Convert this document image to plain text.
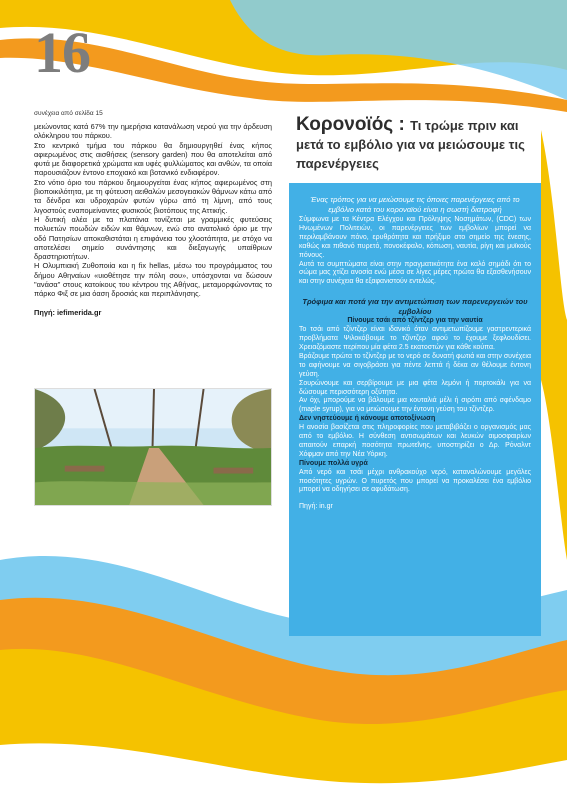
16
συνέχεια από σελίδα 15

μειώνοντας κατά 67% την ημερήσια κατανάλωση νερού για την άρδευση ολόκληρου του πάρκου.

Στο κεντρικό τμήμα του πάρκου θα δημιουργηθεί ένας κήπος αφιερωμένος στις αισθήσεις (sensory garden) που θα αποτελείται από φυτά με διαφορετικά χρώματα και υφές φυλλώματος και ανθών, τα οποία παρουσιάζουν έντονο εποχιακό και βοτανικό ενδιαφέρον.

Στο νότιο όριο του πάρκου δημιουργείται ένας κήπος αφιερωμένος στη βιοποικιλότητα, με τη φύτευση αειθαλών μεσογειακών θάμνων κάτω από τα δένδρα και υδροχαρών φυτών γύρω από τη λίμνη, από τους λιγοστούς εναπομείναντες φυσικούς βιοτόπους της Αττικής.

Η δυτική αλέα με τα πλατάνια τονίζεται με γραμμικές φυτεύσεις πολυετών ποωδών ειδών και θάμνων, ενώ στο ανατολικό όριο με την οδό Πατησίων αποκαθιστάται η επιφάνεια του χλοοτάπητα, με στόχο να αποτελέσει σημείο συνάντησης και διεξαγωγής υπαίθριων δραστηριοτήτων.

Η Ολυμπιακή Ζυθοποιία και η fix hellas, μέσω του προγράμματος του δήμου Αθηναίων «υιοθέτησε την πόλη σου», υπόσχονται να δώσουν "ανάσα" στους κατοίκους του κέντρου της Αθήνας, μεταμορφώνοντας το πάρκο Φιξ σε μια όαση δροσιάς και περιπλάνησης.

Πηγή: iefimerida.gr

Κορονοϊός : Τι τρώμε πριν και μετά το εμβόλιο για να μειώσουμε τις παρενέργειες

Ένας τρόπος για να μειώσουμε τις όποιες παρενέργειες από το εμβόλιο κατά του κοροναϊού είναι η σωστή διατροφή

Σύμφωνα με τα Κέντρα Ελέγχου και Πρόληψης Νοσημάτων, (CDC) των Ηνωμένων Πολιτειών, οι παρενέργειες των εμβολίων μπορεί να περιλαμβάνουν πόνο, ερυθρότητα και πρήξιμο στο σημείο της ένεσης, καθώς και πιθανό πυρετό, πονοκέφαλο, κόπωση, ναυτία, ρίγη και μυϊκούς πόνους.

Αυτά τα συμπτώματα είναι στην πραγματικότητα ένα καλό σημάδι ότι το σώμα μας χτίζει ανοσία ενώ μέσα σε λίγες μέρες πρώτα θα εξασθενήσουν και στην συνέχεια θα εξαφανιστούν εντελώς.

Τρόφιμα και ποτά για την αντιμετώπιση των παρενεργειών του εμβολίου

Πίνουμε τσάι από τζίντζερ για την ναυτία

Το τσάι από τζίντζερ είναι ιδανικό όταν αντιμετωπίζουμε γαστρεντερικά προβλήματα Ψιλοκόβουμε το τζίντζερ αφού το έχουμε ξεφλουδίσει. Χρειαζόμαστε περίπου μία φέτα 2.5 εκατοστών για κάθε κούπα.

Βράζουμε πρώτα το τζίντζερ με το νερό σε δυνατή φωτιά και στην συνέχεια το αφήνουμε να σιγοβράσει για πέντε λεπτά ή δέκα αν θέλουμε έντονη γεύση.

Σουρώνουμε και σερβίρουμε με μια φέτα λεμόνι ή πορτοκάλι για να δώσουμε περισσότερη οξύτητα.

Αν όχι, μπορούμε να βάλουμε μια κουταλιά μέλι ή σιρόπι από σφένδαμο (maple syrup), για να μειώσουμε την έντονη γεύση του τζίντζερ.

Δεν νηστεύουμε ή κάνουμε αποτοξίνωση

Η ανοσία βασίζεται στις πληροφορίες που μεταβιβάζει ο οργανισμός μας από το εμβόλιο. Η σύνθεση αντισωμάτων και λευκών αιμοσφαιρίων απαιτούν επαρκή ποσότητα πρωτεΐνης, υποστηρίζει ο Δρ. Ρόναλντ Χόφμαν από την Νέα Υόρκη.

Πίνουμε πολλά υγρά

Από νερό και τσάι μέχρι ανθρακούχο νερό, καταναλώνουμε μεγάλες ποσότητες υγρών. Ο πυρετός που μπορεί να προκαλέσει ένα εμβόλιο μπορεί να οδηγήσει σε αφυδάτωση.

Πηγή: in.gr
